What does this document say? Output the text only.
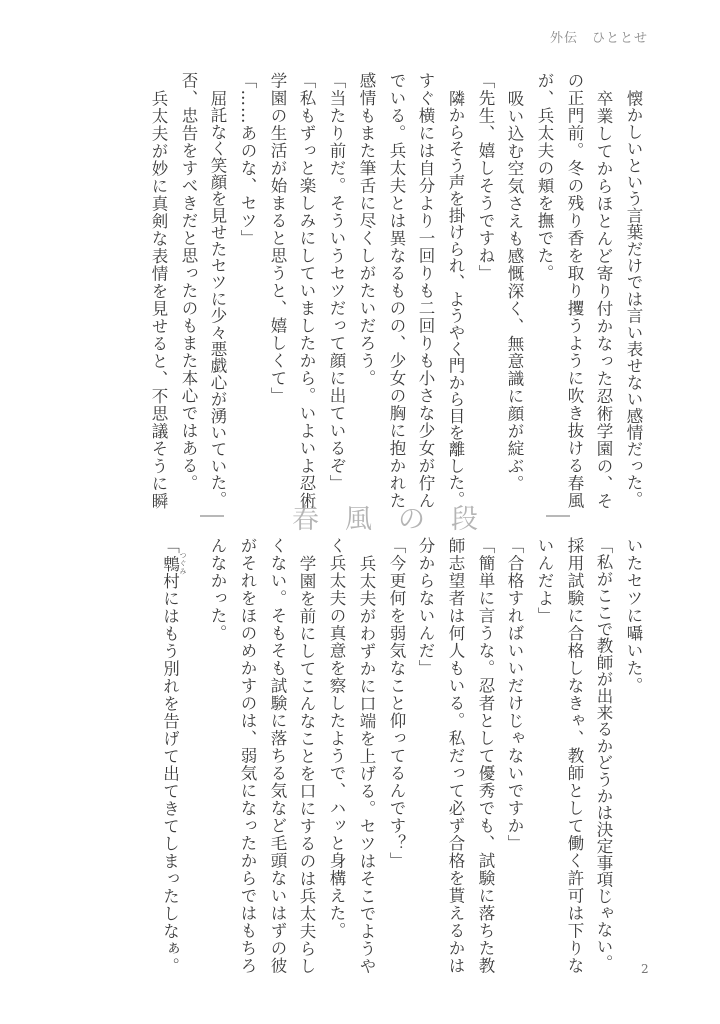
外伝　ひととせ
懐かしいという言葉だけでは言い表せない感情だった。
卒業してからほとんど寄り付かなった忍術学園の、そ
の正門前。冬の残り香を取り攫うように吹き抜ける春風
が、兵太夫の頬を撫でた。
吸い込む空気さえも感慨深く、無意識に顔が綻ぶ。
「先生、嬉しそうですね」
隣からそう声を掛けられ、ようやく門から目を離した。
すぐ横には自分より一回りも二回りも小さな少女が佇ん
でいる。兵太夫とは異なるものの、少女の胸に抱かれた
感情もまた筆舌に尽くしがたいだろう。
「当たり前だ。そういうセツだって顔に出ているぞ」
「私もずっと楽しみにしていましたから。いよいよ忍術
学園の生活が始まると思うと、嬉しくて」
「……あのな、セツ」
屈託なく笑顔を見せたセツに少々悪戯心が湧いていた。
否、忠告をすべきだと思ったのもまた本心ではある。
兵太夫が妙に真剣な表情を見せると、不思議そうに瞬
春風の段
いたセツに囁いた。
「私がここで教師が出来るかどうかは決定事項じゃない。
採用試験に合格しなきゃ、教師として働く許可は下りな
いんだよ」
「合格すればいいだけじゃないですか」
「簡単に言うな。忍者として優秀でも、試験に落ちた教
師志望者は何人もいる。私だって必ず合格を貰えるかは
分からないんだ」
「今更何を弱気なこと仰ってるんです？」
兵太夫がわずかに口端を上げる。セツはそこでようや
く兵太夫の真意を察したようで、ハッと身構えた。
学園を前にしてこんなことを口にするのは兵太夫らし
くない。そもそも試験に落ちる気など毛頭ないはずの彼
がそれをほのめかすのは、弱気になったからではもちろ
んなかった。
「鵯 つぐみ村にはもう別れを告げて出てきてしまったしなぁ。	2
